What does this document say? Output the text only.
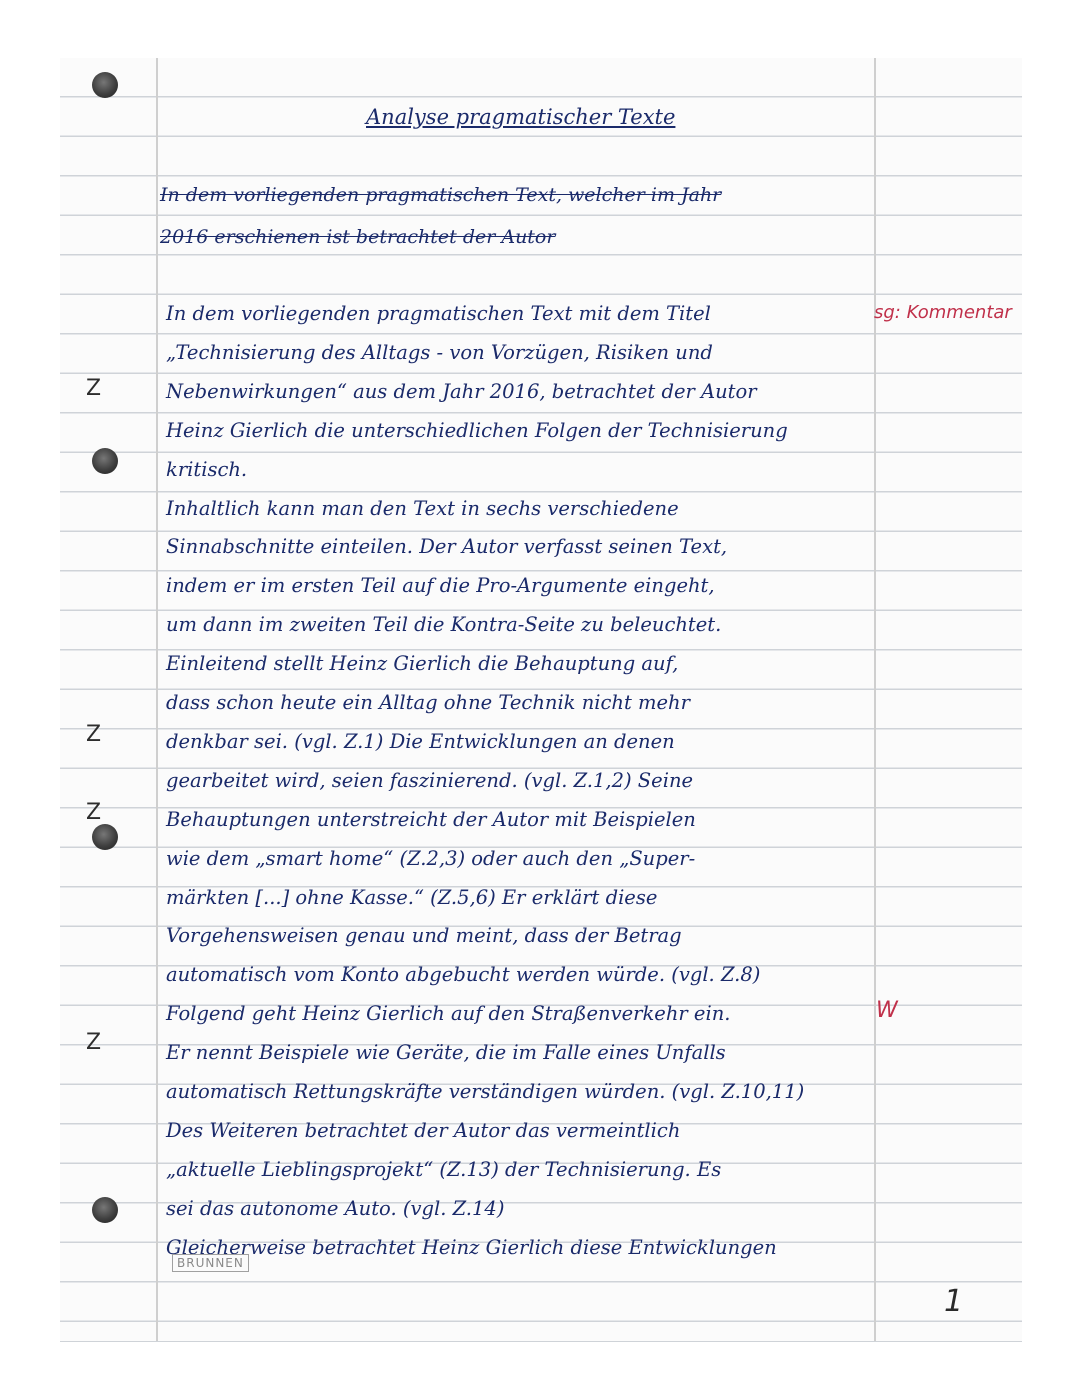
Z
Z
Z
Z
Analyse pragmatischer Texte
In dem vorliegenden pragmatischen Text, welcher im Jahr
2016 erschienen ist betrachtet der Autor
In dem vorliegenden pragmatischen Text mit dem Titel
„Technisierung des Alltags - von Vorzügen, Risiken und
Nebenwirkungen“ aus dem Jahr 2016, betrachtet der Autor
Heinz Gierlich die unterschiedlichen Folgen der Technisierung
kritisch.
Inhaltlich kann man den Text in sechs verschiedene
Sinnabschnitte einteilen. Der Autor verfasst seinen Text,
indem er im ersten Teil auf die Pro-Argumente eingeht,
um dann im zweiten Teil die Kontra-Seite zu beleuchtet.
Einleitend stellt Heinz Gierlich die Behauptung auf,
dass schon heute ein Alltag ohne Technik nicht mehr
denkbar sei. (vgl. Z.1) Die Entwicklungen an denen
gearbeitet wird, seien faszinierend. (vgl. Z.1,2) Seine
Behauptungen unterstreicht der Autor mit Beispielen
wie dem „smart home“ (Z.2,3) oder auch den „Super-
märkten [...] ohne Kasse.“ (Z.5,6) Er erklärt diese
Vorgehensweisen genau und meint, dass der Betrag
automatisch vom Konto abgebucht werden würde. (vgl. Z.8)
Folgend geht Heinz Gierlich auf den Straßenverkehr ein.
Er nennt Beispiele wie Geräte, die im Falle eines Unfalls
automatisch Rettungskräfte verständigen würden. (vgl. Z.10,11)
Des Weiteren betrachtet der Autor das vermeintlich
„aktuelle Lieblingsprojekt“ (Z.13) der Technisierung. Es
sei das autonome Auto. (vgl. Z.14)
Gleicherweise betrachtet Heinz Gierlich diese Entwicklungen
sg: Kommentar
W
1
BRUNNEN
